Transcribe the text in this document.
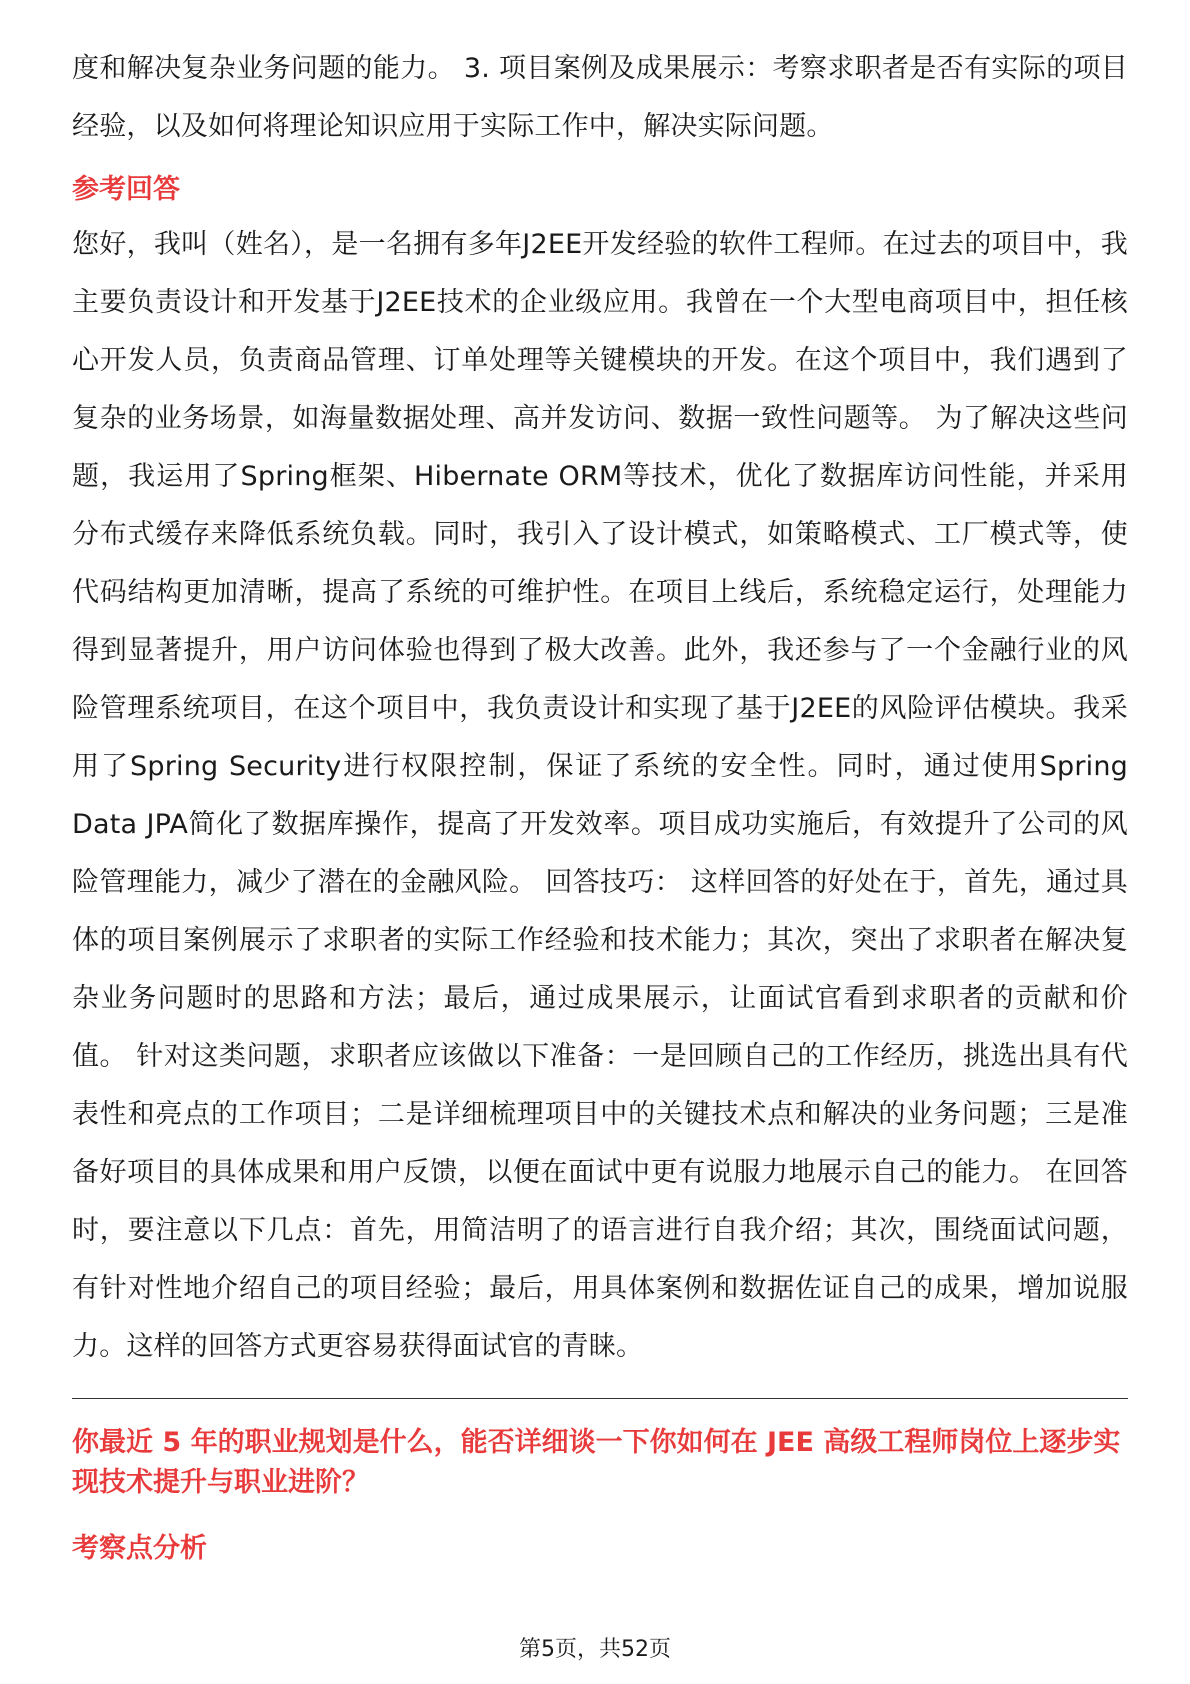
度和解决复杂业务问题的能力。 3. 项目案例及成果展示：考察求职者是否有实际的项目经验，以及如何将理论知识应用于实际工作中，解决实际问题。

参考回答

您好，我叫（姓名），是一名拥有多年J2EE开发经验的软件工程师。在过去的项目中，我主要负责设计和开发基于J2EE技术的企业级应用。我曾在一个大型电商项目中，担任核心开发人员，负责商品管理、订单处理等关键模块的开发。在这个项目中，我们遇到了复杂的业务场景，如海量数据处理、高并发访问、数据一致性问题等。 为了解决这些问题，我运用了Spring框架、Hibernate ORM等技术，优化了数据库访问性能，并采用分布式缓存来降低系统负载。同时，我引入了设计模式，如策略模式、工厂模式等，使代码结构更加清晰，提高了系统的可维护性。在项目上线后，系统稳定运行，处理能力得到显著提升，用户访问体验也得到了极大改善。此外，我还参与了一个金融行业的风险管理系统项目，在这个项目中，我负责设计和实现了基于J2EE的风险评估模块。我采用了Spring Security进行权限控制，保证了系统的安全性。同时，通过使用Spring Data JPA简化了数据库操作，提高了开发效率。项目成功实施后，有效提升了公司的风险管理能力，减少了潜在的金融风险。 回答技巧： 这样回答的好处在于，首先，通过具体的项目案例展示了求职者的实际工作经验和技术能力；其次，突出了求职者在解决复杂业务问题时的思路和方法；最后，通过成果展示，让面试官看到求职者的贡献和价值。 针对这类问题，求职者应该做以下准备：一是回顾自己的工作经历，挑选出具有代表性和亮点的工作项目；二是详细梳理项目中的关键技术点和解决的业务问题；三是准备好项目的具体成果和用户反馈，以便在面试中更有说服力地展示自己的能力。 在回答时，要注意以下几点：首先，用简洁明了的语言进行自我介绍；其次，围绕面试问题，有针对性地介绍自己的项目经验；最后，用具体案例和数据佐证自己的成果，增加说服力。这样的回答方式更容易获得面试官的青睐。

你最近 5 年的职业规划是什么，能否详细谈一下你如何在 JEE 高级工程师岗位上逐步实现技术提升与职业进阶？

考察点分析
第5页，共52页
